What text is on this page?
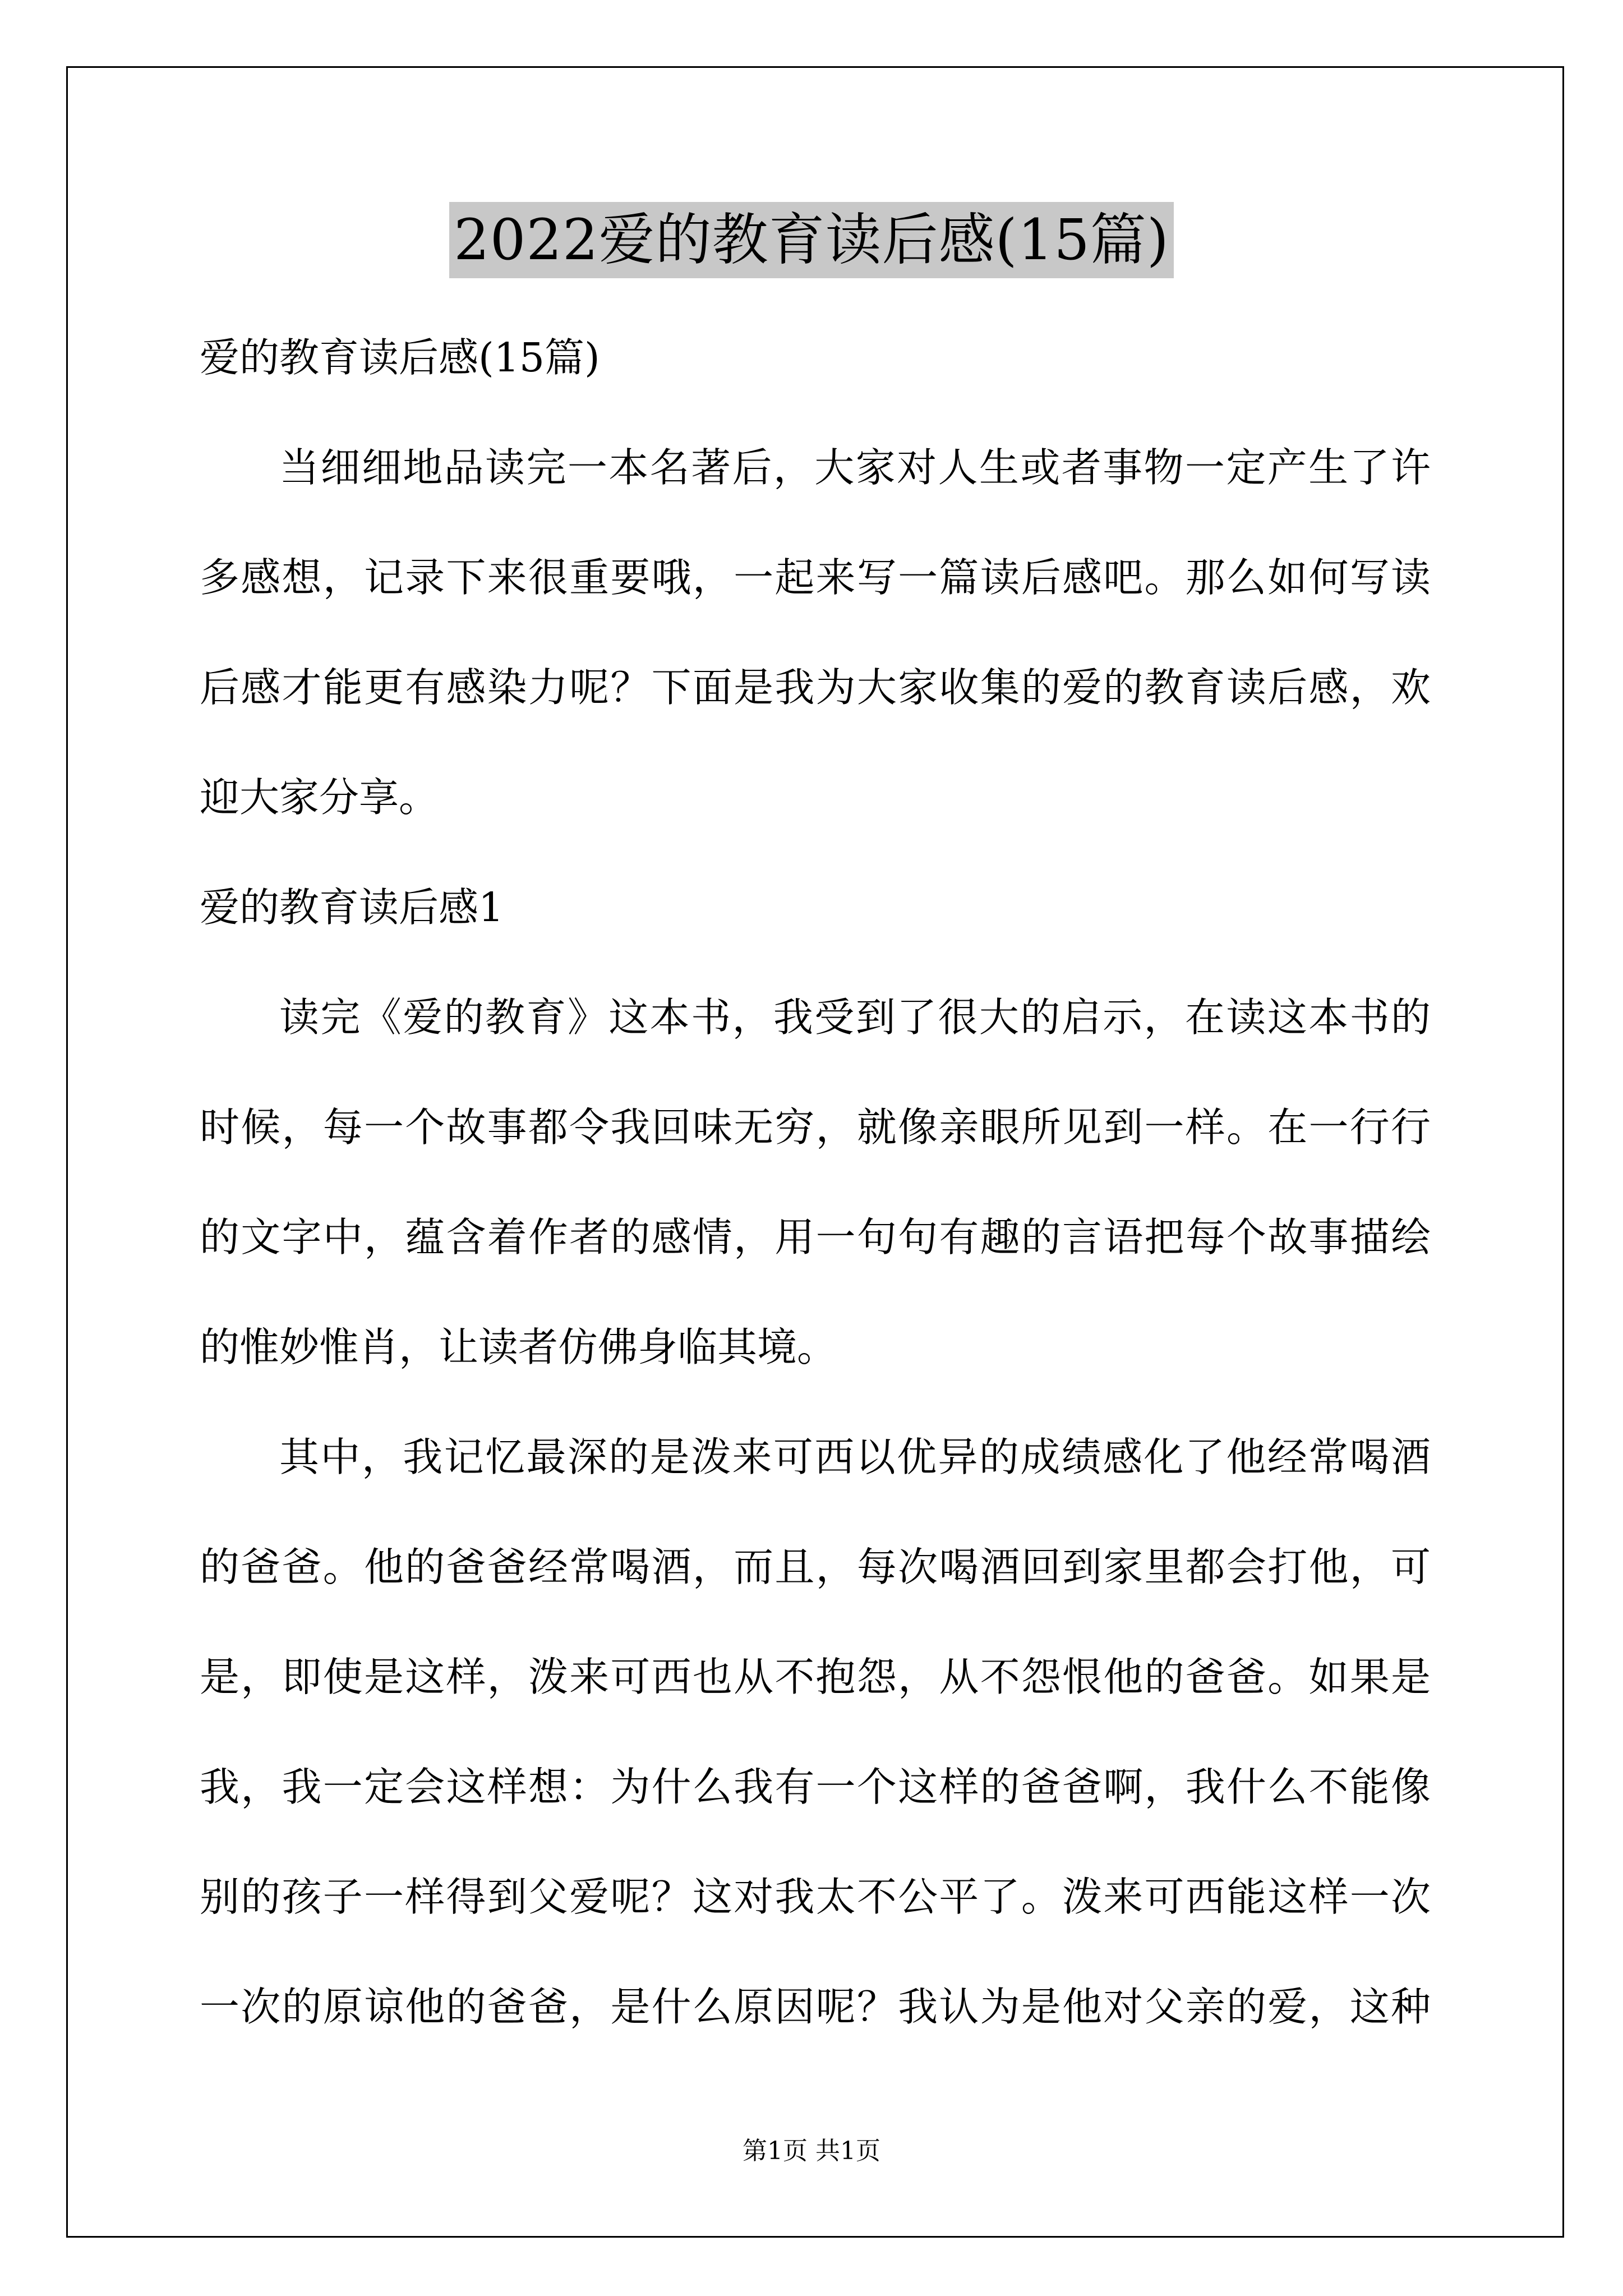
2022爱的教育读后感(15篇)
爱的教育读后感(15篇)
当细细地品读完一本名著后，大家对人生或者事物一定产生了许
多感想，记录下来很重要哦，一起来写一篇读后感吧。那么如何写读
后感才能更有感染力呢？下面是我为大家收集的爱的教育读后感，欢
迎大家分享。
爱的教育读后感1
读完《爱的教育》这本书，我受到了很大的启示，在读这本书的
时候，每一个故事都令我回味无穷，就像亲眼所见到一样。在一行行
的文字中，蕴含着作者的感情，用一句句有趣的言语把每个故事描绘
的惟妙惟肖，让读者仿佛身临其境。
其中，我记忆最深的是泼来可西以优异的成绩感化了他经常喝酒
的爸爸。他的爸爸经常喝酒，而且，每次喝酒回到家里都会打他，可
是，即使是这样，泼来可西也从不抱怨，从不怨恨他的爸爸。如果是
我，我一定会这样想：为什么我有一个这样的爸爸啊，我什么不能像
别的孩子一样得到父爱呢？这对我太不公平了。泼来可西能这样一次
一次的原谅他的爸爸，是什么原因呢？我认为是他对父亲的爱，这种
第1页 共1页
